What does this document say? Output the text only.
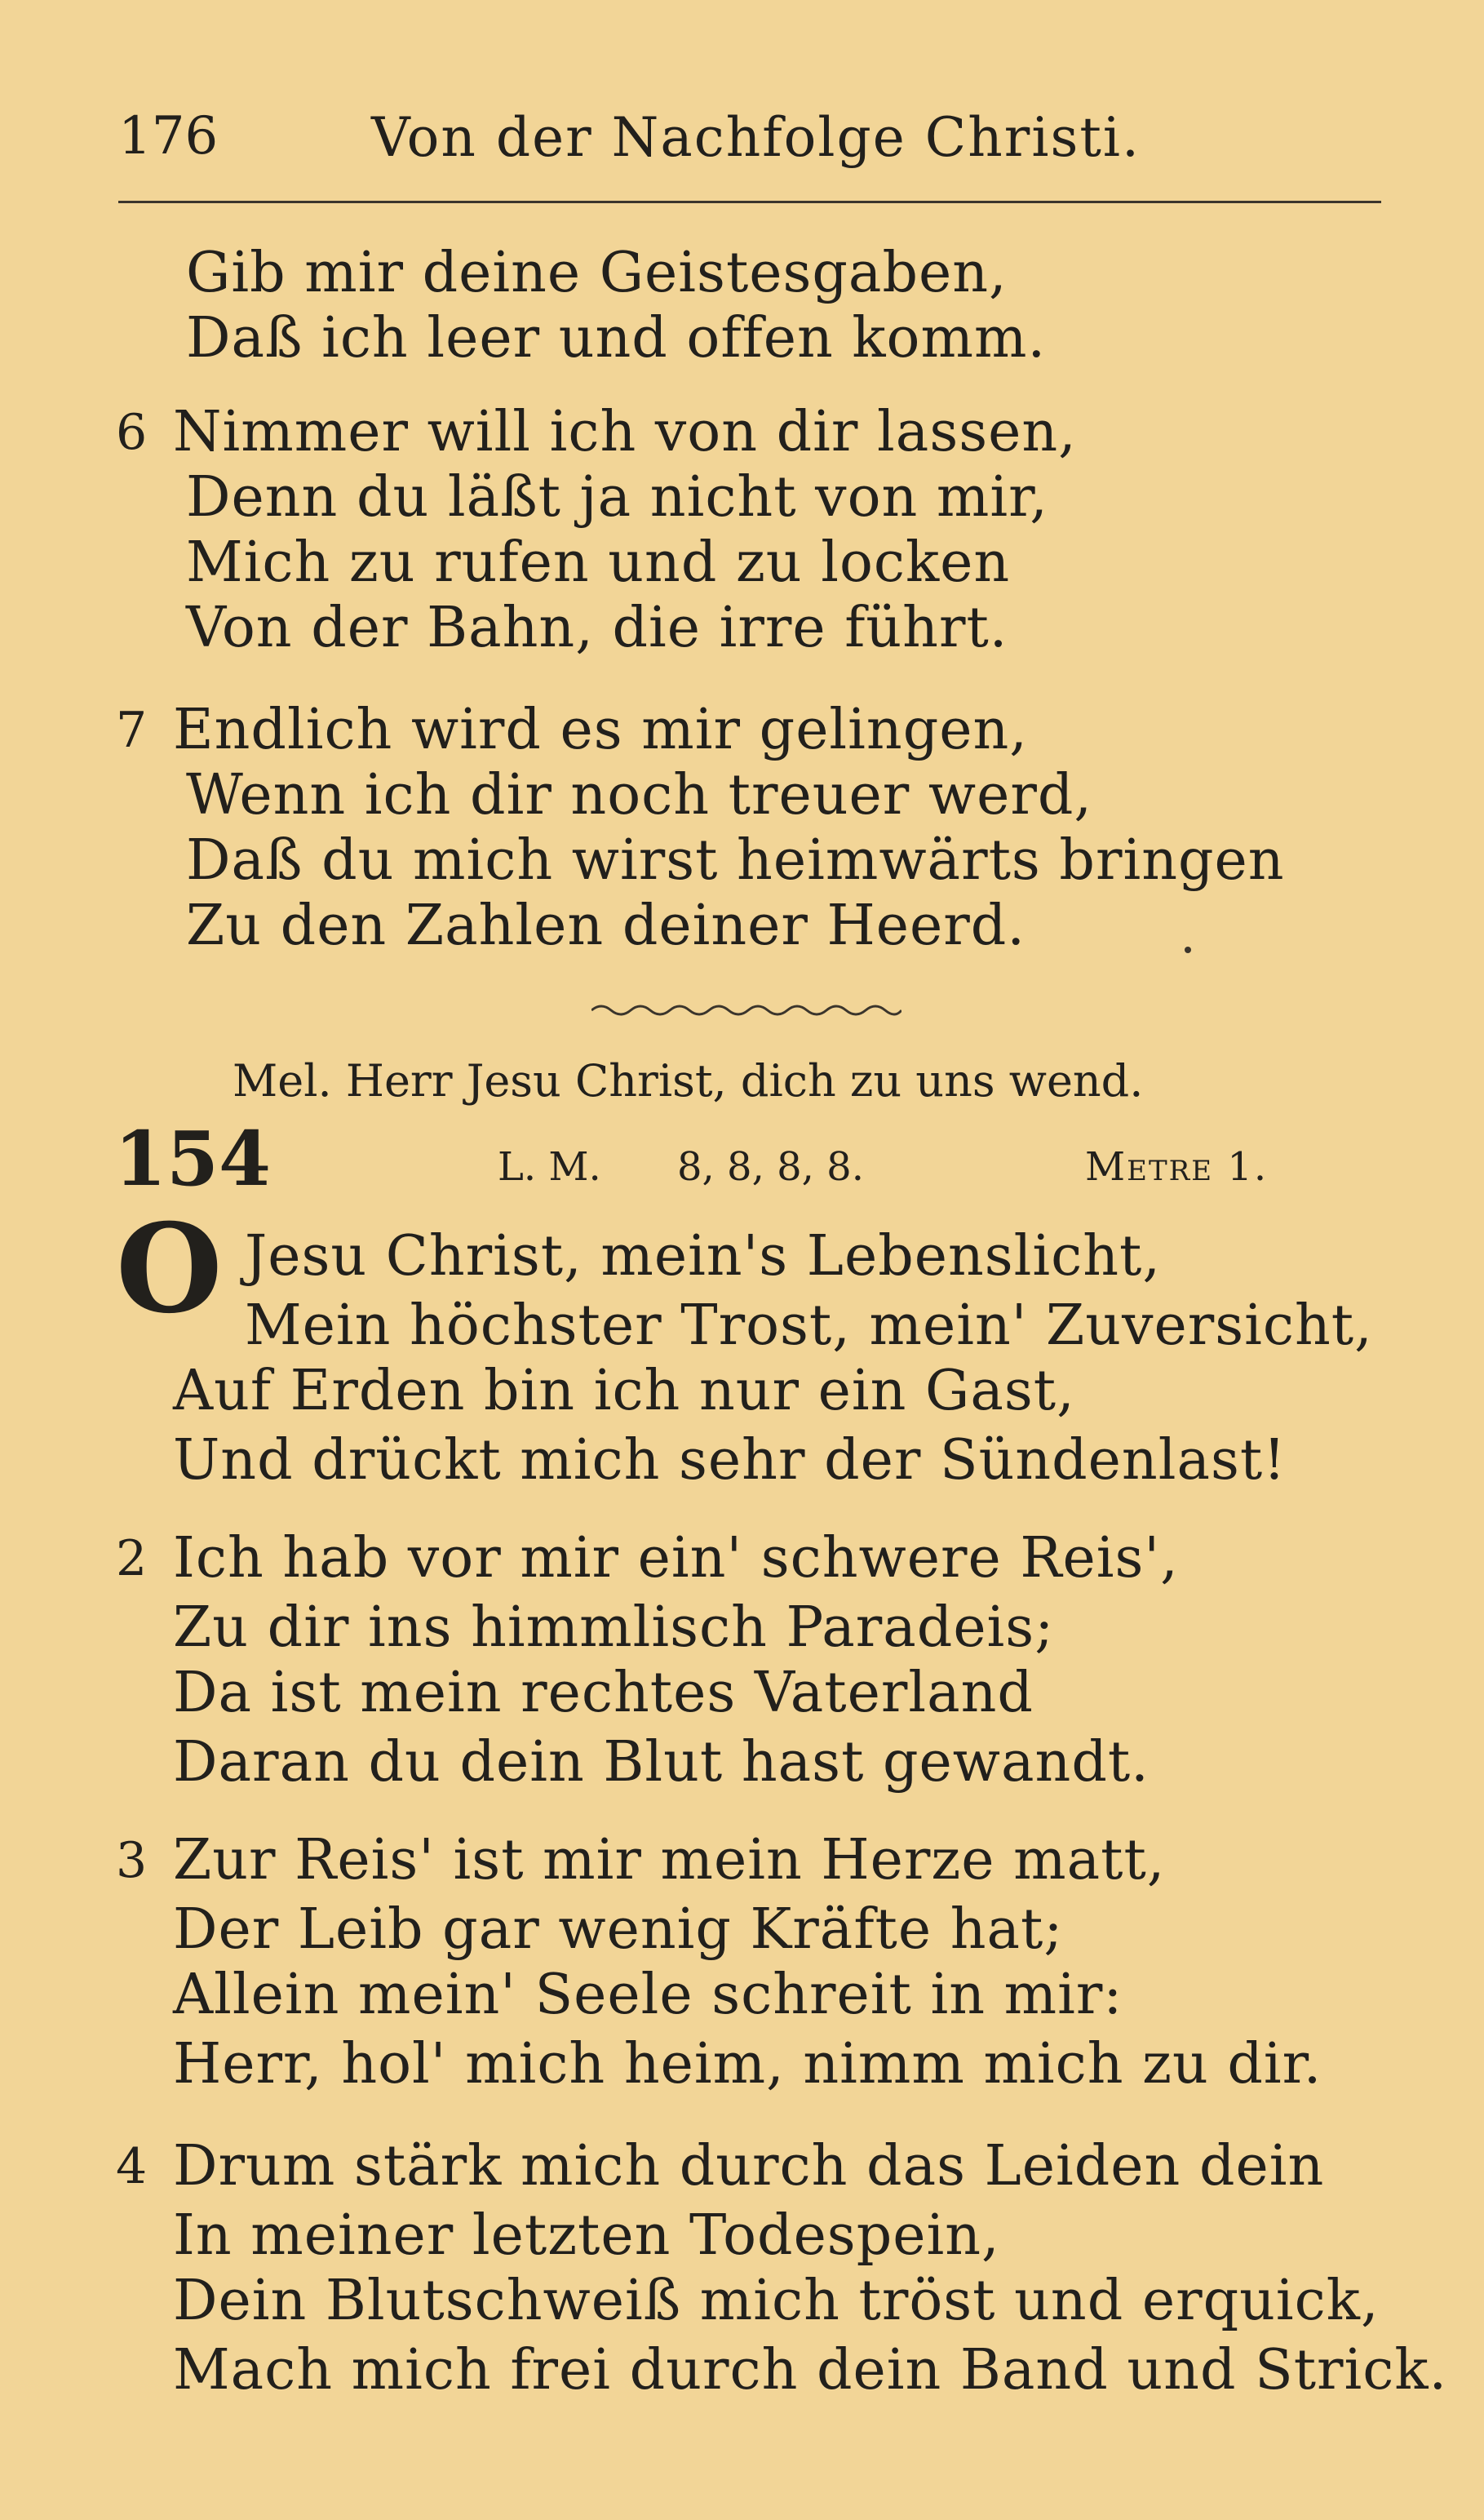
176	Von der Nachfolge Christi.
Gib mir deine Geistesgaben,
Daß ich leer und offen komm.
6 Nimmer will ich von dir lassen,
Denn du läßt ja nicht von mir,
Mich zu rufen und zu locken
Von der Bahn, die irre führt.
7 Endlich wird es mir gelingen,
Wenn ich dir noch treuer werd,
Daß du mich wirst heimwärts bringen
Zu den Zahlen deiner Heerd.
Mel. Herr Jesu Christ, dich zu uns wend.
154	L. M. 8, 8, 8, 8.	Metre 1.
O Jesu Christ, mein's Lebenslicht,
Mein höchster Trost, mein' Zuversicht,
Auf Erden bin ich nur ein Gast,
Und drückt mich sehr der Sündenlast!
2 Ich hab vor mir ein' schwere Reis',
Zu dir ins himmlisch Paradeis;
Da ist mein rechtes Vaterland
Daran du dein Blut hast gewandt.
3 Zur Reis' ist mir mein Herze matt,
Der Leib gar wenig Kräfte hat;
Allein mein' Seele schreit in mir:
Herr, hol' mich heim, nimm mich zu dir.
4 Drum stärk mich durch das Leiden dein
In meiner letzten Todespein,
Dein Blutschweiß mich tröst und erquick,
Mach mich frei durch dein Band und Strick.
